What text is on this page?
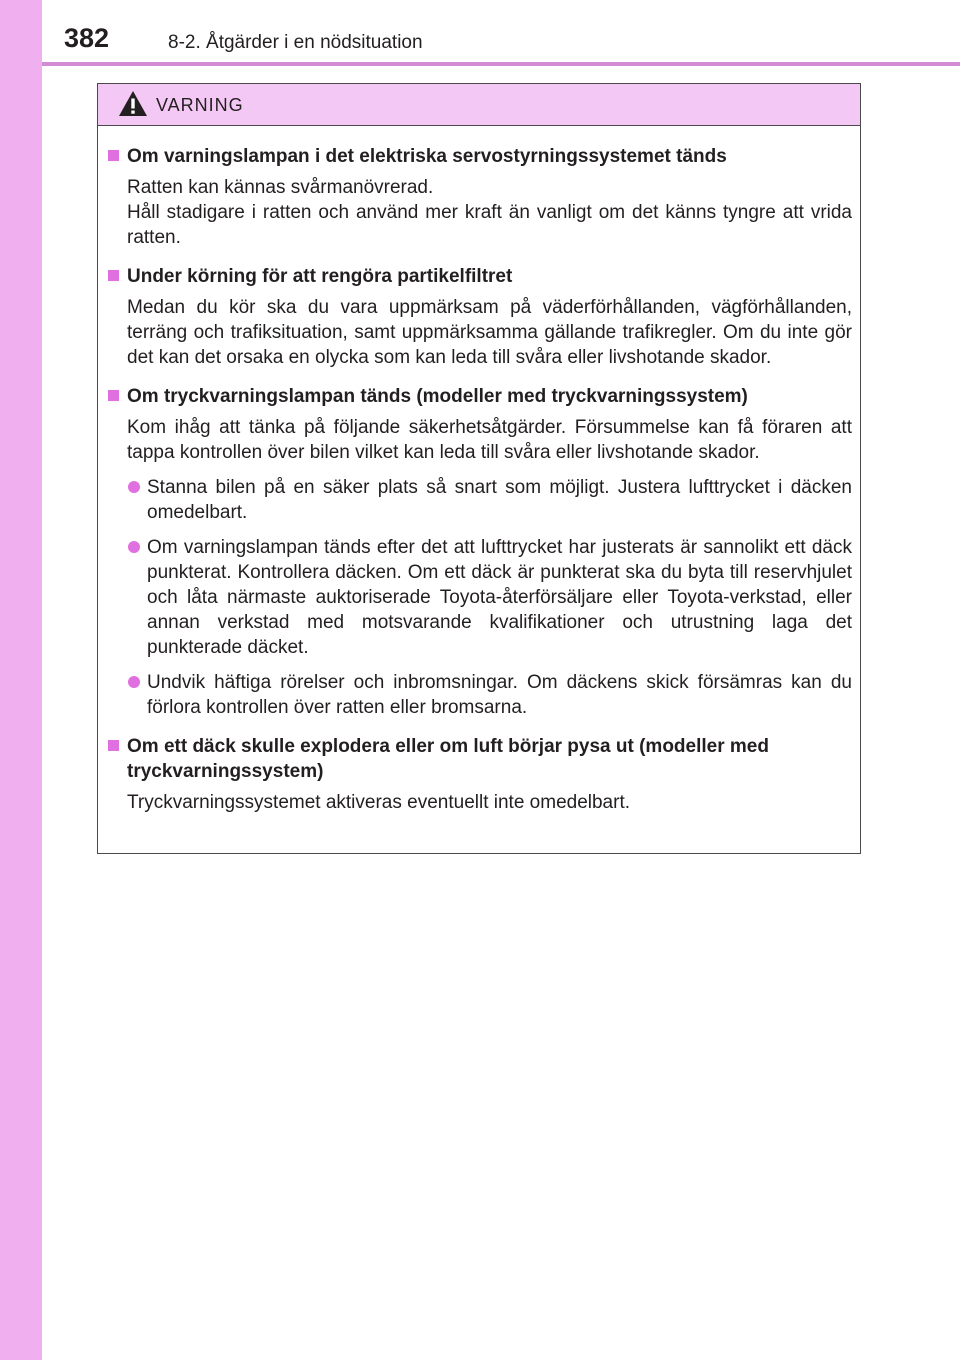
382	8-2. Åtgärder i en nödsituation
VARNING
Om varningslampan i det elektriska servostyrningssystemet tänds

Ratten kan kännas svårmanövrerad.

Håll stadigare i ratten och använd mer kraft än vanligt om det känns tyngre att vrida ratten.

Under körning för att rengöra partikelfiltret

Medan du kör ska du vara uppmärksam på väderförhållanden, vägförhållanden, terräng och trafiksituation, samt uppmärksamma gällande trafikregler. Om du inte gör det kan det orsaka en olycka som kan leda till svåra eller livshotande skador.

Om tryckvarningslampan tänds (modeller med tryckvarningssystem)

Kom ihåg att tänka på följande säkerhetsåtgärder. Försummelse kan få föraren att tappa kontrollen över bilen vilket kan leda till svåra eller livshotande skador.

Stanna bilen på en säker plats så snart som möjligt. Justera lufttrycket i däcken omedelbart.
Om varningslampan tänds efter det att lufttrycket har justerats är sannolikt ett däck punkterat. Kontrollera däcken. Om ett däck är punkterat ska du byta till reservhjulet och låta närmaste auktoriserade Toyota-återförsäljare eller Toyota-verkstad, eller annan verkstad med motsvarande kvalifikationer och utrustning laga det punkterade däcket.
Undvik häftiga rörelser och inbromsningar. Om däckens skick försämras kan du förlora kontrollen över ratten eller bromsarna.
Om ett däck skulle explodera eller om luft börjar pysa ut (modeller med tryckvarningssystem)

Tryckvarningssystemet aktiveras eventuellt inte omedelbart.
